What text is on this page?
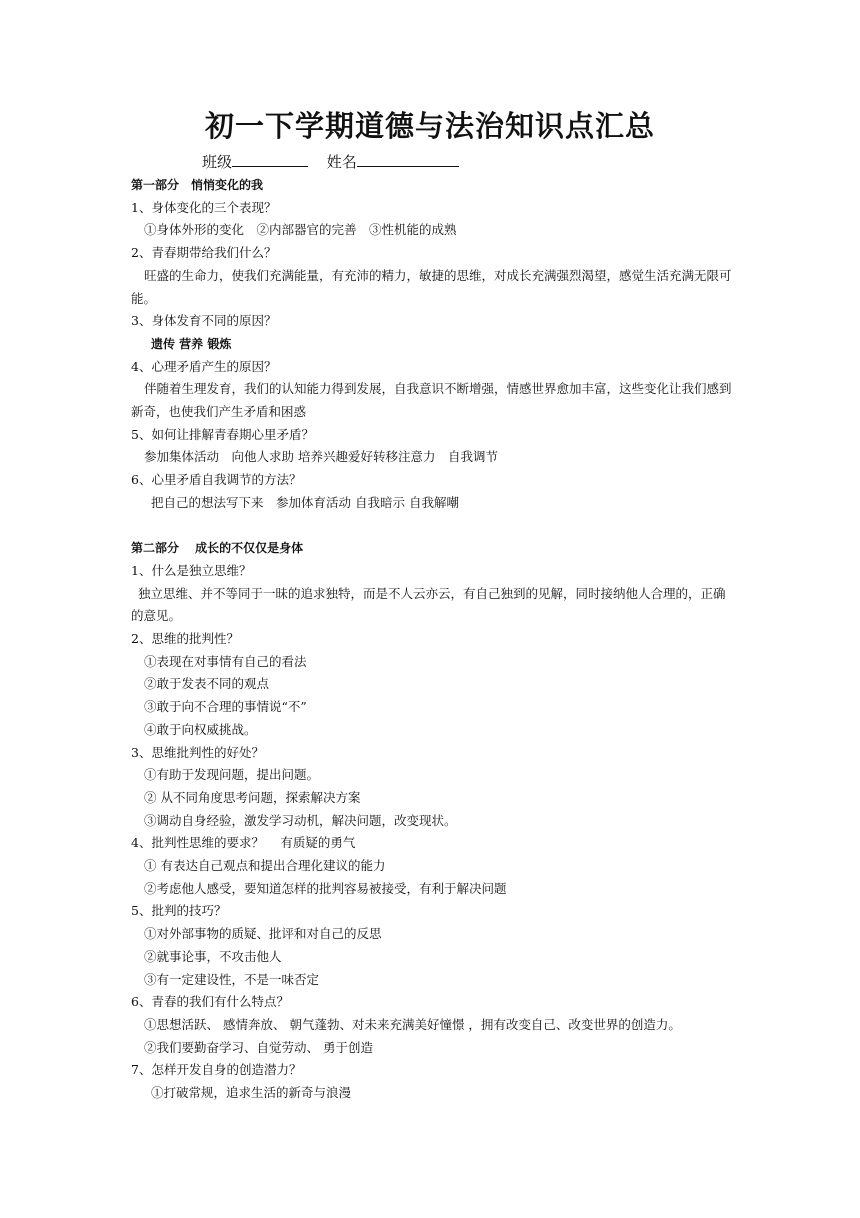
初一下学期道德与法治知识点汇总
班级	姓名
第一部分　悄悄变化的我
1、身体变化的三个表现？
①身体外形的变化　②内部器官的完善　③性机能的成熟
2、青春期带给我们什么？
旺盛的生命力，使我们充满能量，有充沛的精力，敏捷的思维，对成长充满强烈渴望，感觉生活充满无限可能。
3、身体发育不同的原因？
遗传 营养 锻炼
4、心理矛盾产生的原因？
伴随着生理发育，我们的认知能力得到发展，自我意识不断增强，情感世界愈加丰富，这些变化让我们感到新奇，也使我们产生矛盾和困惑
5、如何让排解青春期心里矛盾？
参加集体活动　向他人求助 培养兴趣爱好转移注意力　自我调节
6、心里矛盾自我调节的方法？
把自己的想法写下来　参加体育活动 自我暗示 自我解嘲
第二部分　 成长的不仅仅是身体
1、什么是独立思维？
独立思维、并不等同于一昧的追求独特，而是不人云亦云，有自己独到的见解，同时接纳他人合理的，正确的意见。
2、思维的批判性？
①表现在对事情有自己的看法
②敢于发表不同的观点
③敢于向不合理的事情说“不”
④敢于向权威挑战。
3、思维批判性的好处？
①有助于发现问题，提出问题。
② 从不同角度思考问题，探索解决方案
③调动自身经验，激发学习动机，解决问题，改变现状。
4、批判性思维的要求？　 有质疑的勇气
① 有表达自己观点和提出合理化建议的能力
②考虑他人感受，要知道怎样的批判容易被接受，有利于解决问题
5、批判的技巧？
①对外部事物的质疑、批评和对自己的反思
②就事论事，不攻击他人
③有一定建设性，不是一味否定
6、青春的我们有什么特点？
①思想活跃、 感情奔放、 朝气蓬勃、对未来充满美好憧憬 ，拥有改变自己、改变世界的创造力。
②我们要勤奋学习、自觉劳动、 勇于创造
7、怎样开发自身的创造潜力？
①打破常规，追求生活的新奇与浪漫
